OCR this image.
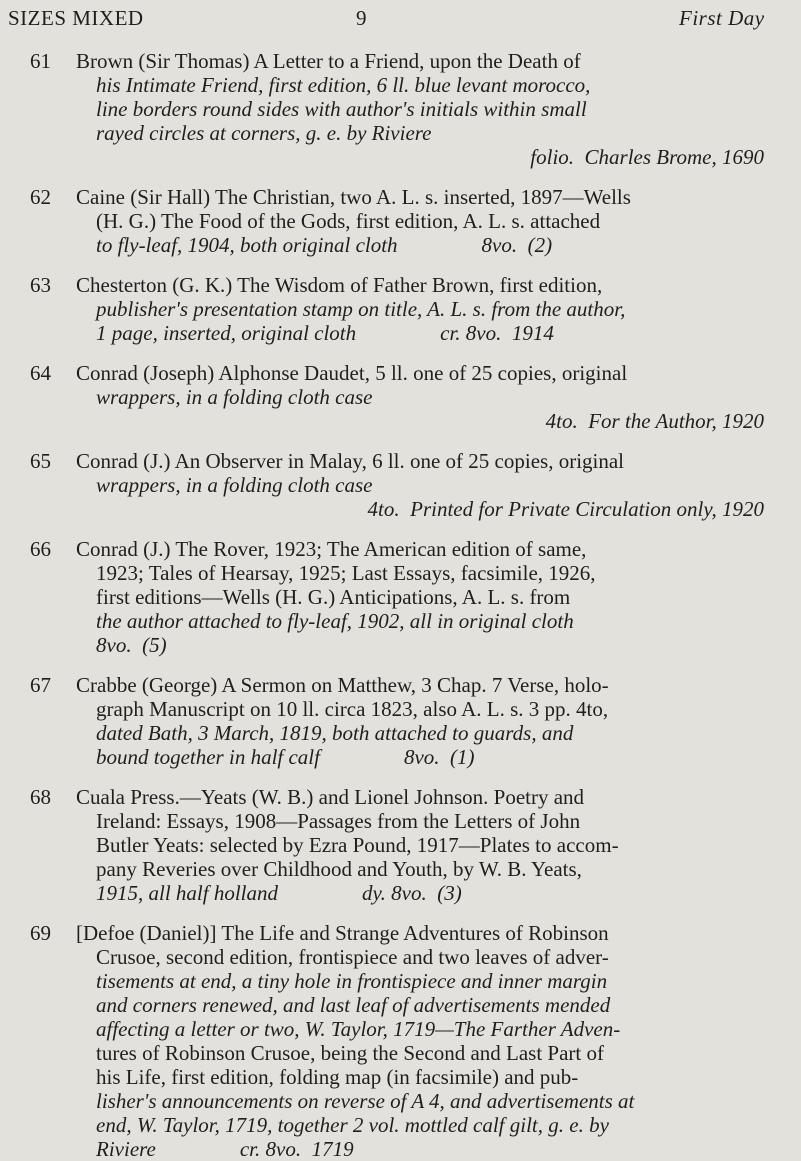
SIZES MIXED	9	First Day
61 Brown (Sir Thomas) A Letter to a Friend, upon the Death of
his Intimate Friend, first edition, 6 ll. blue levant morocco,
line borders round sides with author's initials within small
rayed circles at corners, g. e. by Riviere
folio.  Charles Brome, 1690
62 Caine (Sir Hall) The Christian, two A. L. s. inserted, 1897—Wells
(H. G.) The Food of the Gods, first edition, A. L. s. attached
to fly-leaf, 1904, both original cloth                8vo.  (2)
63 Chesterton (G. K.) The Wisdom of Father Brown, first edition,
publisher's presentation stamp on title, A. L. s. from the author,
1 page, inserted, original cloth                cr. 8vo.  1914
64 Conrad (Joseph) Alphonse Daudet, 5 ll. one of 25 copies, original
wrappers, in a folding cloth case
4to.  For the Author, 1920
65 Conrad (J.) An Observer in Malay, 6 ll. one of 25 copies, original
wrappers, in a folding cloth case
4to.  Printed for Private Circulation only, 1920
66 Conrad (J.) The Rover, 1923; The American edition of same,
1923; Tales of Hearsay, 1925; Last Essays, facsimile, 1926,
first editions—Wells (H. G.) Anticipations, A. L. s. from
the author attached to fly-leaf, 1902, all in original cloth
8vo.  (5)
67 Crabbe (George) A Sermon on Matthew, 3 Chap. 7 Verse, holo-
graph Manuscript on 10 ll. circa 1823, also A. L. s. 3 pp. 4to,
dated Bath, 3 March, 1819, both attached to guards, and
bound together in half calf                8vo.  (1)
68 Cuala Press.—Yeats (W. B.) and Lionel Johnson. Poetry and
Ireland: Essays, 1908—Passages from the Letters of John
Butler Yeats: selected by Ezra Pound, 1917—Plates to accom-
pany Reveries over Childhood and Youth, by W. B. Yeats,
1915, all half holland                dy. 8vo.  (3)
69 [Defoe (Daniel)] The Life and Strange Adventures of Robinson
Crusoe, second edition, frontispiece and two leaves of adver-
tisements at end, a tiny hole in frontispiece and inner margin
and corners renewed, and last leaf of advertisements mended
affecting a letter or two, W. Taylor, 1719—The Farther Adven-
tures of Robinson Crusoe, being the Second and Last Part of
his Life, first edition, folding map (in facsimile) and pub-
lisher's announcements on reverse of A 4, and advertisements at
end, W. Taylor, 1719, together 2 vol. mottled calf gilt, g. e. by
Riviere                cr. 8vo.  1719
